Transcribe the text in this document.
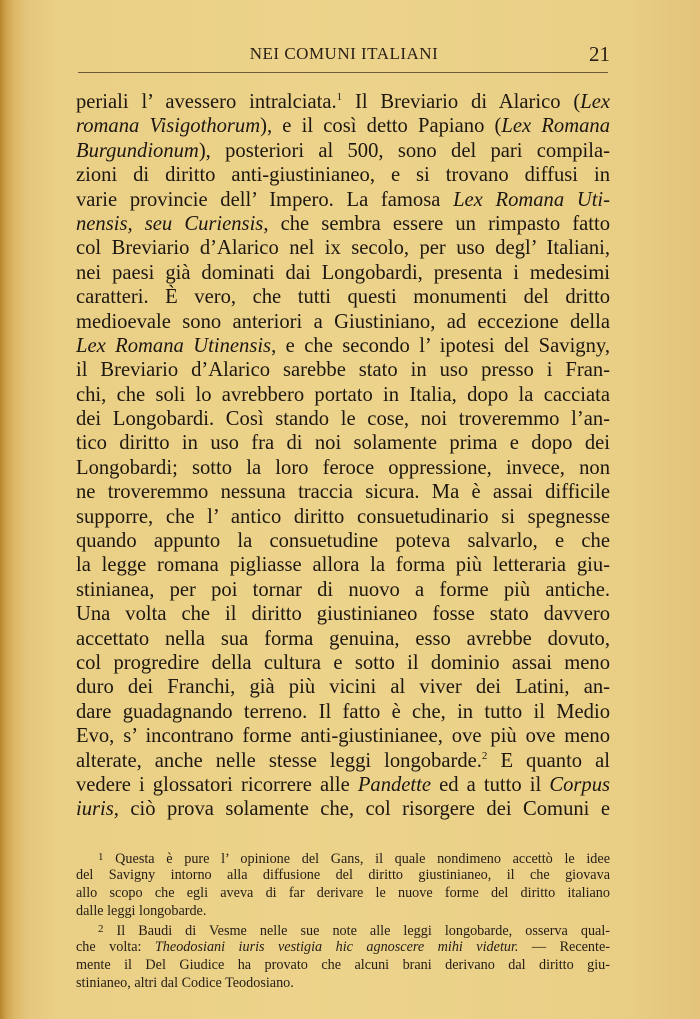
NEI COMUNI ITALIANI	21
periali l’ avessero intralciata.$^1$ Il Breviario di Alarico (Lex
romana Visigothorum), e il così detto Papiano (Lex Romana
Burgundionum), posteriori al 500, sono del pari compila-
zioni di diritto anti-giustinianeo, e si trovano diffusi in
varie provincie dell’ Impero. La famosa Lex Romana Uti-
nensis, seu Curiensis, che sembra essere un rimpasto fatto
col Breviario d’Alarico nel ix secolo, per uso degl’ Italiani,
nei paesi già dominati dai Longobardi, presenta i medesimi
caratteri. È vero, che tutti questi monumenti del dritto
medioevale sono anteriori a Giustiniano, ad eccezione della
Lex Romana Utinensis, e che secondo l’ ipotesi del Savigny,
il Breviario d’Alarico sarebbe stato in uso presso i Fran-
chi, che soli lo avrebbero portato in Italia, dopo la cacciata
dei Longobardi. Così stando le cose, noi troveremmo l’an-
tico diritto in uso fra di noi solamente prima e dopo dei
Longobardi; sotto la loro feroce oppressione, invece, non
ne troveremmo nessuna traccia sicura. Ma è assai difficile
supporre, che l’ antico diritto consuetudinario si spegnesse
quando appunto la consuetudine poteva salvarlo, e che
la legge romana pigliasse allora la forma più letteraria giu-
stinianea, per poi tornar di nuovo a forme più antiche.
Una volta che il diritto giustinianeo fosse stato davvero
accettato nella sua forma genuina, esso avrebbe dovuto,
col progredire della cultura e sotto il dominio assai meno
duro dei Franchi, già più vicini al viver dei Latini, an-
dare guadagnando terreno. Il fatto è che, in tutto il Medio
Evo, s’ incontrano forme anti-giustinianee, ove più ove meno
alterate, anche nelle stesse leggi longobarde.$^2$ E quanto al
vedere i glossatori ricorrere alle Pandette ed a tutto il Corpus
iuris, ciò prova solamente che, col risorgere dei Comuni e
$^1$ Questa è pure l’ opinione del Gans, il quale nondimeno accettò le idee
del Savigny intorno alla diffusione del diritto giustinianeo, il che giovava
allo scopo che egli aveva di far derivare le nuove forme del diritto italiano
dalle leggi longobarde.
$^2$ Il Baudi di Vesme nelle sue note alle leggi longobarde, osserva qual-
che volta: Theodosiani iuris vestigia hic agnoscere mihi videtur. — Recente-
mente il Del Giudice ha provato che alcuni brani derivano dal diritto giu-
stinianeo, altri dal Codice Teodosiano.
